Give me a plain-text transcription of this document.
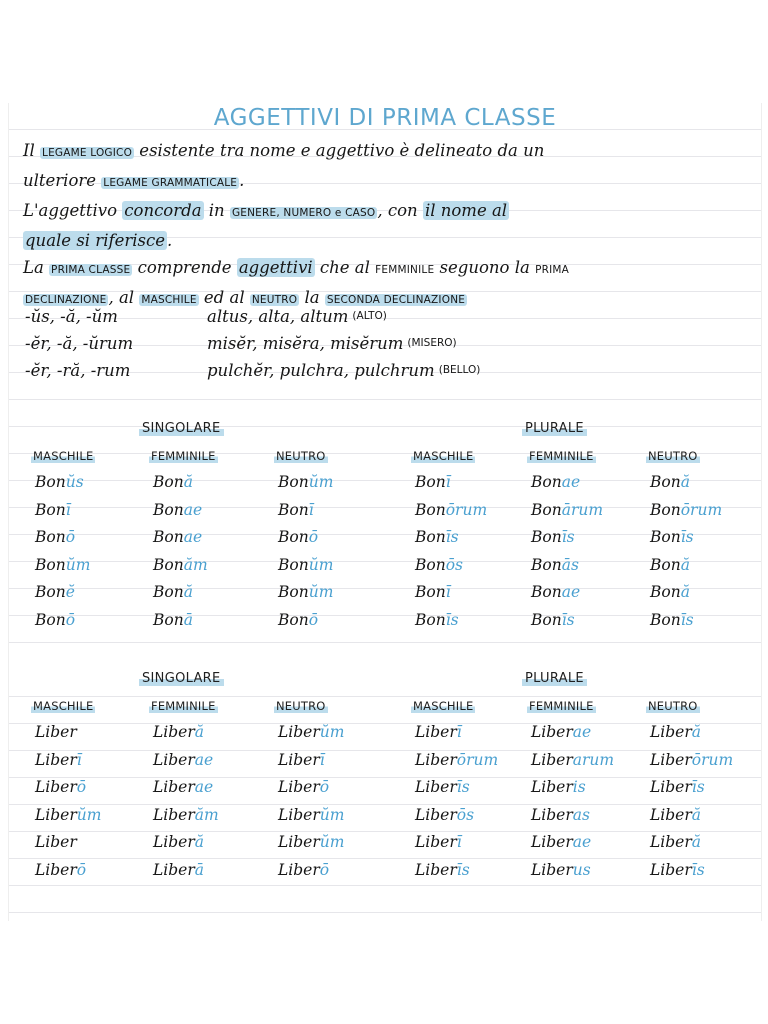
AGGETTIVI DI PRIMA CLASSE

Il LEGAME LOGICO esistente tra nome e aggettivo è delineato da un

ulteriore LEGAME GRAMMATICALE .

L'aggettivo concorda in GENERE, NUMERO e CASO , con il nome al

quale si riferisce .

La PRIMA CLASSE comprende aggettivi che al FEMMINILE seguono la PRIMA

DECLINAZIONE , al MASCHILE ed al NEUTRO la SECONDA DECLINAZIONE

-ŭs, -ă, -ŭm	altus, alta, altum (ALTO)
-ĕr, -ă, -ŭrum	misĕr, misĕra, misĕrum (MISERO)
-ĕr, -ră, -rum	pulchĕr, pulchra, pulchrum (BELLO)
SINGOLARE	PLURALE
MASCHILE	FEMMINILE	NEUTRO	MASCHILE	FEMMINILE	NEUTRO
Bonŭs	Bonă	Bonŭm	Bonī	Bonae	Bonă
Bonī	Bonae	Bonī	Bonōrum	Bonārum	Bonōrum
Bonō	Bonae	Bonō	Bonīs	Bonīs	Bonīs
Bonŭm	Bonăm	Bonŭm	Bonōs	Bonās	Bonă
Bonĕ	Bonă	Bonŭm	Bonī	Bonae	Bonă
Bonō	Bonā	Bonō	Bonīs	Bonīs	Bonīs
SINGOLARE	PLURALE
MASCHILE	FEMMINILE	NEUTRO	MASCHILE	FEMMINILE	NEUTRO
Liber	Liberă	Liberŭm	Liberī	Liberae	Liberă
Liberī	Liberae	Liberī	Liberōrum Liberarum Liberōrum
Liberō	Liberae	Liberō	Liberīs	Liberis	Liberīs
Liberŭm	Liberăm	Liberŭm	Liberōs	Liberas	Liberă
Liber	Liberă	Liberŭm	Liberī	Liberae	Liberă
Liberō	Liberā	Liberō	Liberīs	Liberus	Liberīs
